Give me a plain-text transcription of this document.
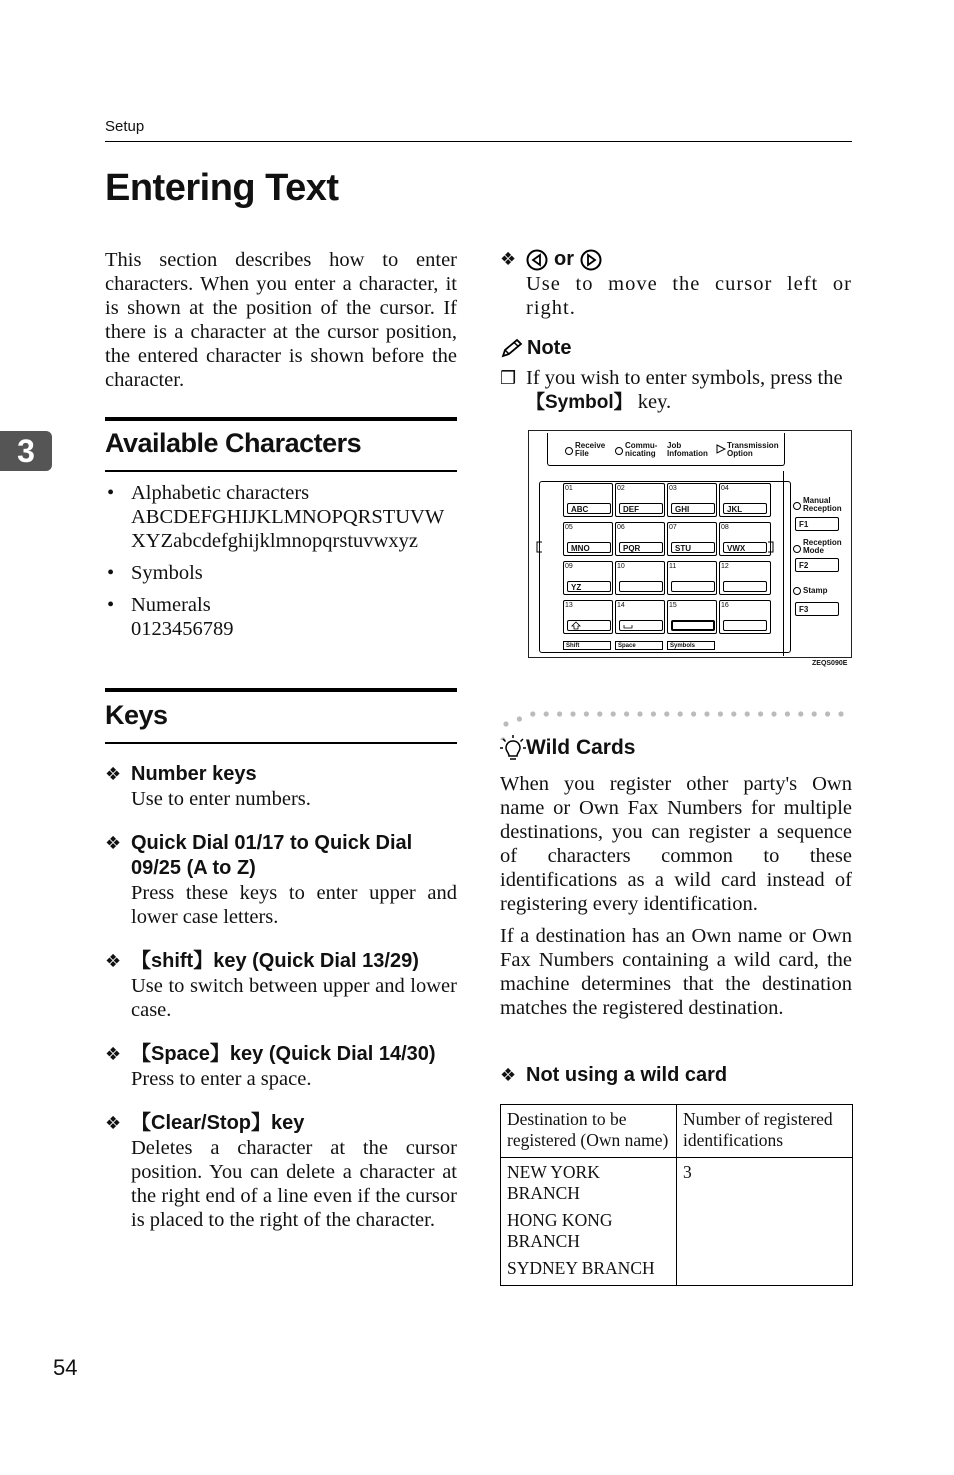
Setup
Entering Text
3

This section describes how to enter characters. When you enter a character, it is shown at the position of the cursor. If there is a character at the cursor position, the entered character is shown before the character.

Available Characters
• Alphabetic characters

ABCDEFGHIJKLMNOPQRSTUVWXYZabcdefghijklmnopqrstuvwxyz
• Symbols
• Numerals
0123456789
Keys
❖ Number keys
Use to enter numbers.
❖ Quick Dial 01/17 to Quick Dial 09/25 (A to Z)
Press these keys to enter upper and lower case letters.
❖ 【shift】key (Quick Dial 13/29)
Use to switch between upper and lower case.
❖ 【Space】key (Quick Dial 14/30)
Press to enter a space.
❖ 【Clear/Stop】key
Deletes a character at the cursor position. You can delete a character at the right end of a line even if the cursor is placed to the right of the character.
❖	or
Use to move the cursor left or right.
Note
❒ If you wish to enter symbols, press the 【Symbol】 key.
Receive File
Commu- nicating
Job Infomation
Transmission Option
01
ABC
02
DEF
03
GHI
04
JKL
05
MNO
06
PQR
07
STU
08
VWX
09
YZ
10	11	12
13	14	15	16
Shift	Space	Symbols
Manual Reception
F1
Reception Mode
F2
Stamp
F3
ZEQS090E
Wild Cards

When you register other party's Own name or Own Fax Numbers for multiple destinations, you can register a sequence of characters common to these identifications as a wild card instead of registering every identification.

If a destination has an Own name or Own Fax Numbers containing a wild card, the machine determines that the destination matches the registered destination.

❖ Not using a wild card
Destination to be registered (Own name)	Number of registered identifications

NEW YORK BRANCH
HONG KONG BRANCH
SYDNEY BRANCH	3
54
